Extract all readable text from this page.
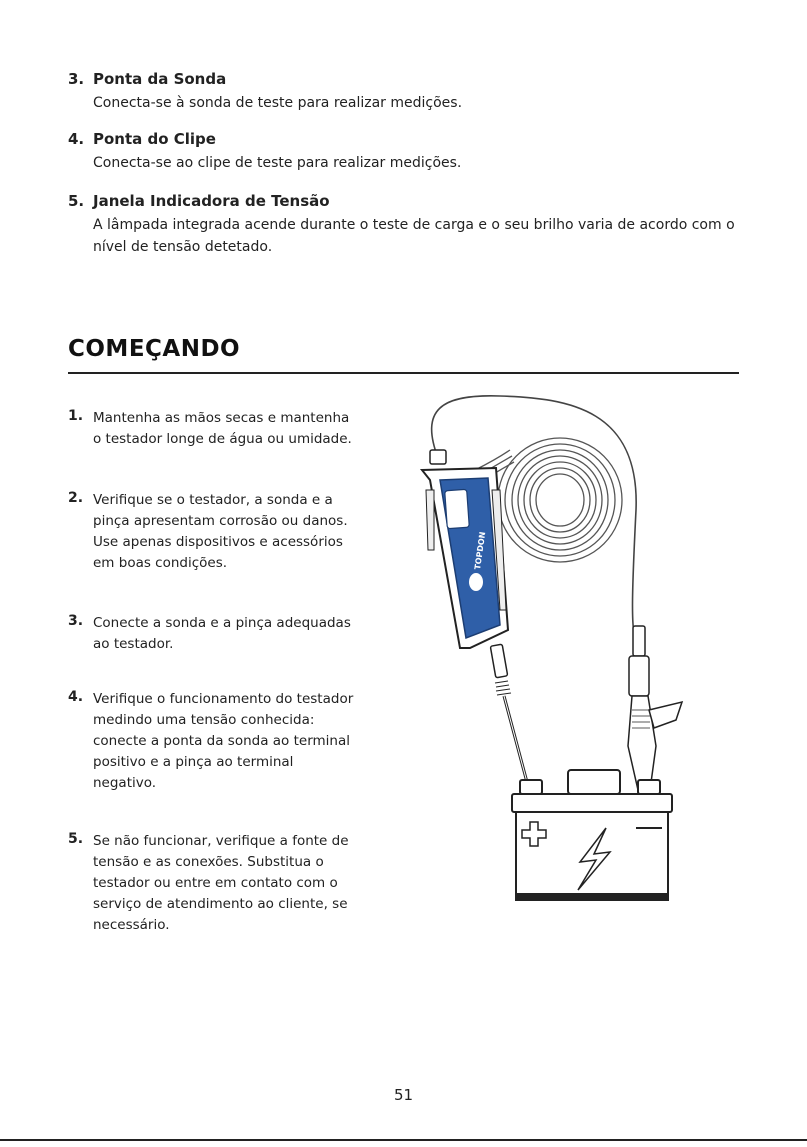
3. Ponta da Sonda
Conecta-se à sonda de teste para realizar medições.
4. Ponta do Clipe
Conecta-se ao clipe de teste para realizar medições.
5. Janela Indicadora de Tensão
A lâmpada integrada acende durante o teste de carga e o seu brilho varia de acordo com o nível de tensão detetado.
COMEÇANDO
1. Mantenha as mãos secas e mantenha o testador longe de água ou umidade.
2. Verifique se o testador, a sonda e a pinça apresentam corrosão ou danos. Use apenas dispositivos e acessórios em boas condições.
3. Conecte a sonda e a pinça adequadas ao testador.
4. Verifique o funcionamento do testador medindo uma tensão conhecida: conecte a ponta da sonda ao terminal positivo e a pinça ao terminal negativo.
5. Se não funcionar, verifique a fonte de tensão e as conexões. Substitua o testador ou entre em contato com o serviço de atendimento ao cliente, se necessário.
TOPDON
51
